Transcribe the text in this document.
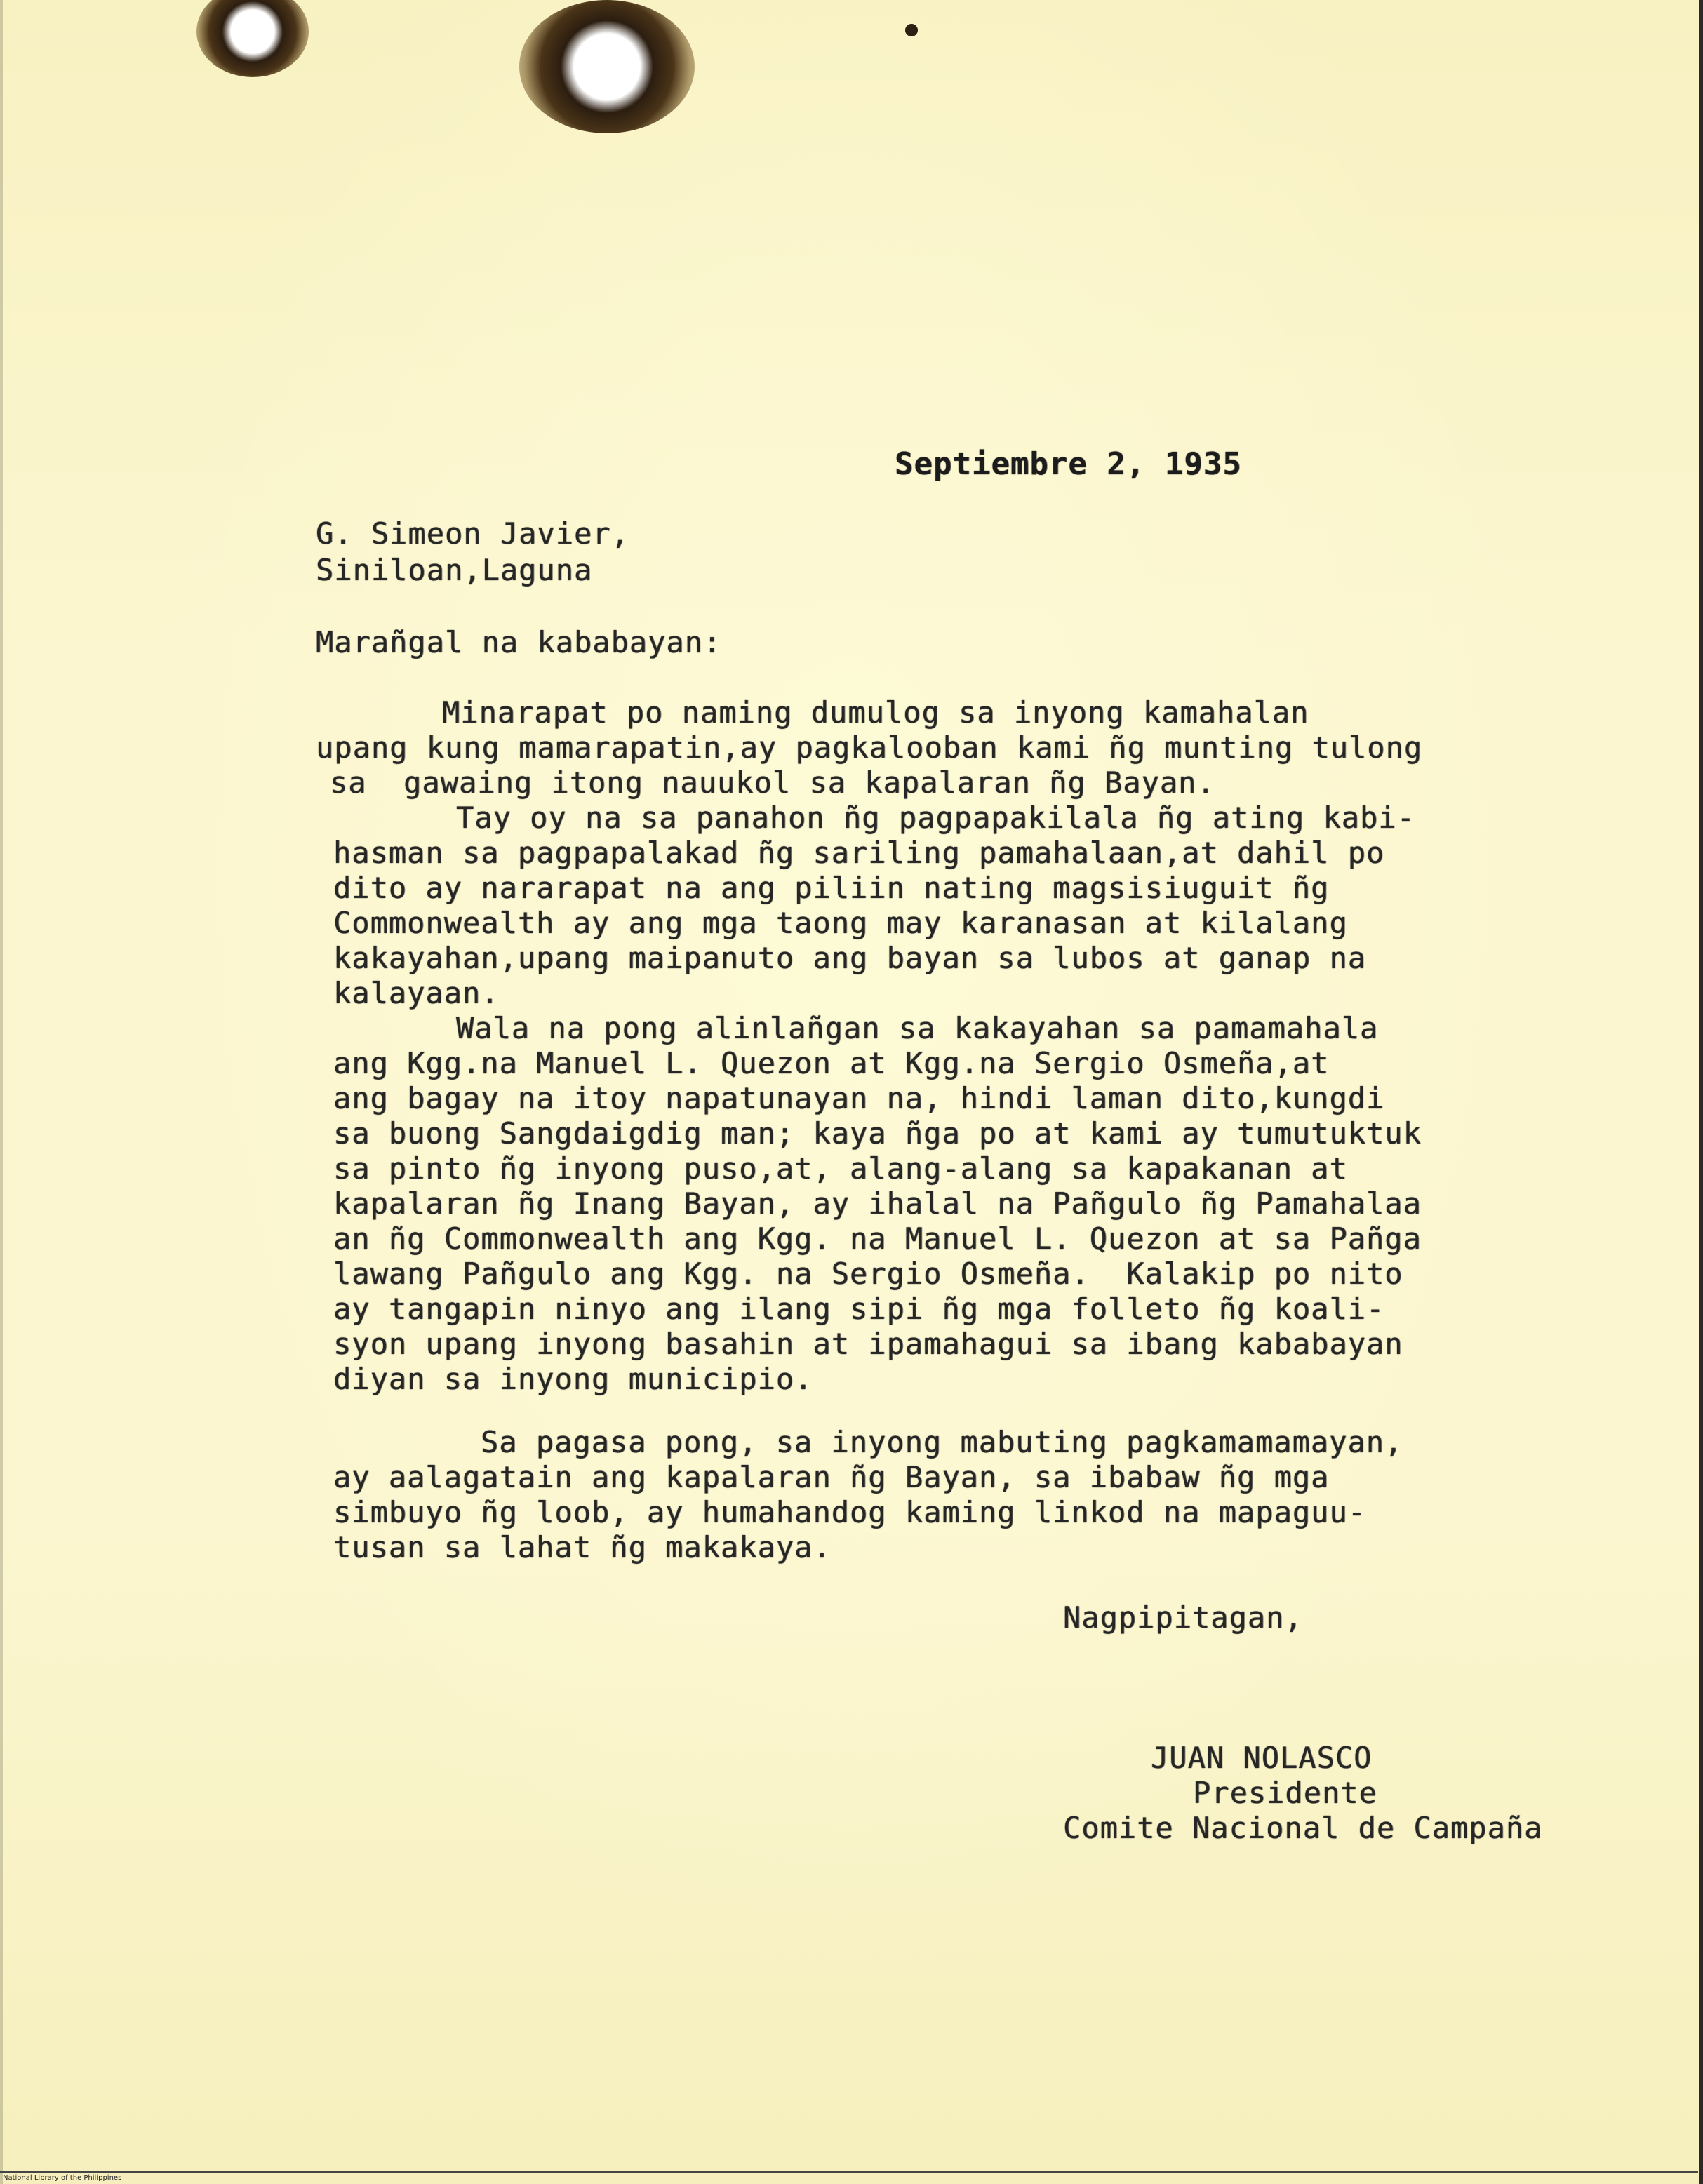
Septiembre 2, 1935
G. Simeon Javier,
Siniloan,Laguna
Marañgal na kababayan:
Minarapat po naming dumulog sa inyong kamahalan
upang kung mamarapatin,ay pagkalooban kami ñg munting tulong
sa  gawaing itong nauukol sa kapalaran ñg Bayan.
Tay oy na sa panahon ñg pagpapakilala ñg ating kabi-
hasman sa pagpapalakad ñg sariling pamahalaan,at dahil po
dito ay nararapat na ang piliin nating magsisiuguit ñg
Commonwealth ay ang mga taong may karanasan at kilalang
kakayahan,upang maipanuto ang bayan sa lubos at ganap na
kalayaan.
Wala na pong alinlañgan sa kakayahan sa pamamahala
ang Kgg.na Manuel L. Quezon at Kgg.na Sergio Osmeña,at
ang bagay na itoy napatunayan na, hindi laman dito,kungdi
sa buong Sangdaigdig man; kaya ñga po at kami ay tumutuktuk
sa pinto ñg inyong puso,at, alang-alang sa kapakanan at
kapalaran ñg Inang Bayan, ay ihalal na Pañgulo ñg Pamahalaa
an ñg Commonwealth ang Kgg. na Manuel L. Quezon at sa Pañga
lawang Pañgulo ang Kgg. na Sergio Osmeña.  Kalakip po nito
ay tangapin ninyo ang ilang sipi ñg mga folleto ñg koali-
syon upang inyong basahin at ipamahagui sa ibang kababayan
diyan sa inyong municipio.
Sa pagasa pong, sa inyong mabuting pagkamamamayan,
ay aalagatain ang kapalaran ñg Bayan, sa ibabaw ñg mga
simbuyo ñg loob, ay humahandog kaming linkod na mapaguu-
tusan sa lahat ñg makakaya.
Nagpipitagan,
JUAN NOLASCO
Presidente
Comite Nacional de Campaña
National Library of the Philippines
